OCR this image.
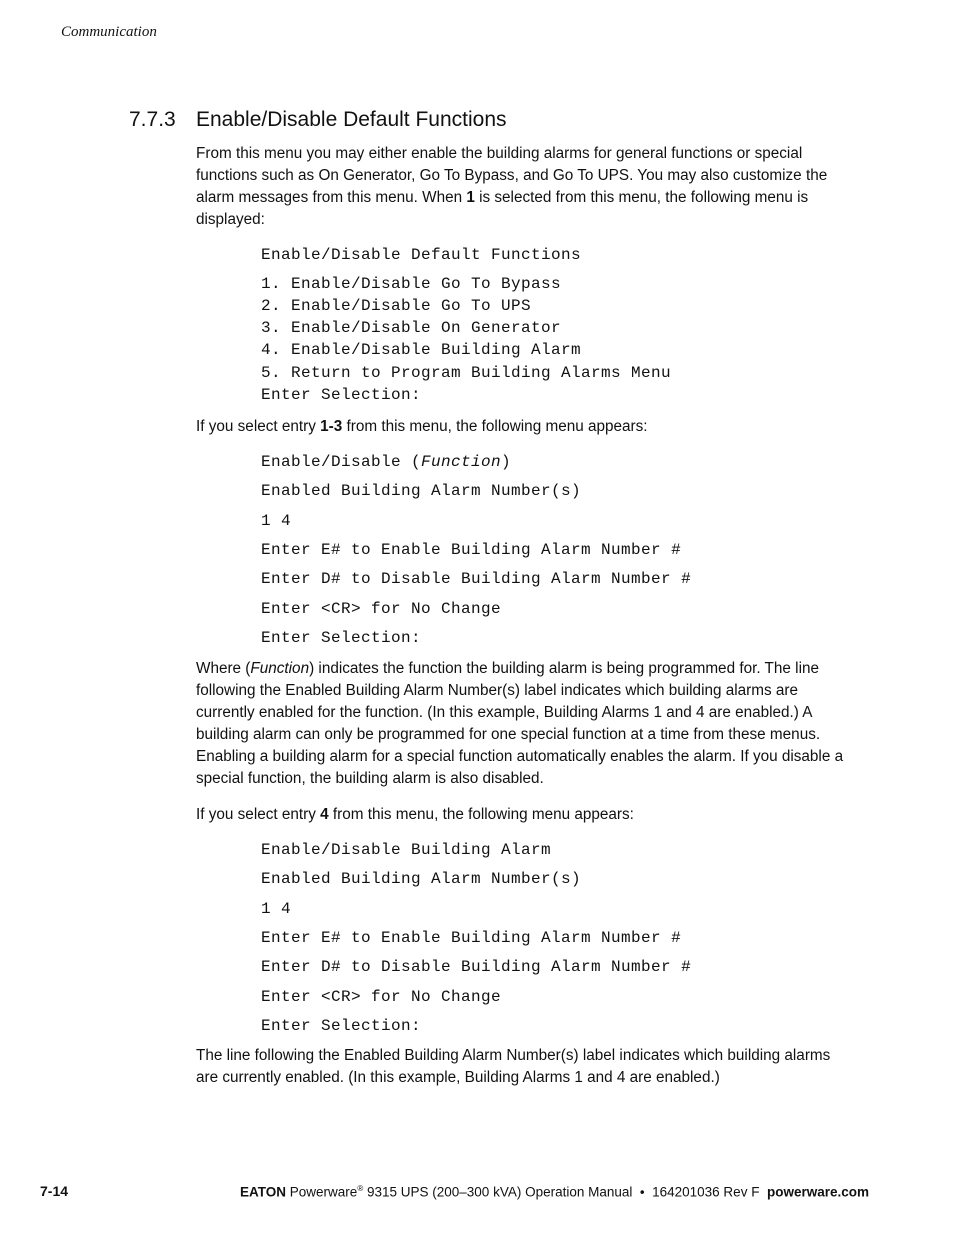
Communication
7.7.3 Enable/Disable Default Functions
From this menu you may either enable the building alarms for general functions or special functions such as On Generator, Go To Bypass, and Go To UPS. You may also customize the alarm messages from this menu. When 1 is selected from this menu, the following menu is displayed:
Enable/Disable Default Functions
1. Enable/Disable Go To Bypass
2. Enable/Disable Go To UPS
3. Enable/Disable On Generator
4. Enable/Disable Building Alarm
5. Return to Program Building Alarms Menu
Enter Selection:
If you select entry 1-3 from this menu, the following menu appears:
Enable/Disable (Function)
Enabled Building Alarm Number(s)
1 4
Enter E# to Enable Building Alarm Number #
Enter D# to Disable Building Alarm Number #
Enter <CR> for No Change
Enter Selection:
Where (Function) indicates the function the building alarm is being programmed for. The line following the Enabled Building Alarm Number(s) label indicates which building alarms are currently enabled for the function. (In this example, Building Alarms 1 and 4 are enabled.) A building alarm can only be programmed for one special function at a time from these menus. Enabling a building alarm for a special function automatically enables the alarm. If you disable a special function, the building alarm is also disabled.
If you select entry 4 from this menu, the following menu appears:
Enable/Disable Building Alarm
Enabled Building Alarm Number(s)
1 4
Enter E# to Enable Building Alarm Number #
Enter D# to Disable Building Alarm Number #
Enter <CR> for No Change
Enter Selection:
The line following the Enabled Building Alarm Number(s) label indicates which building alarms are currently enabled. (In this example, Building Alarms 1 and 4 are enabled.)
7-14	EATON Powerware® 9315 UPS (200–300 kVA) Operation Manual  •  164201036 Rev F  powerware.com
